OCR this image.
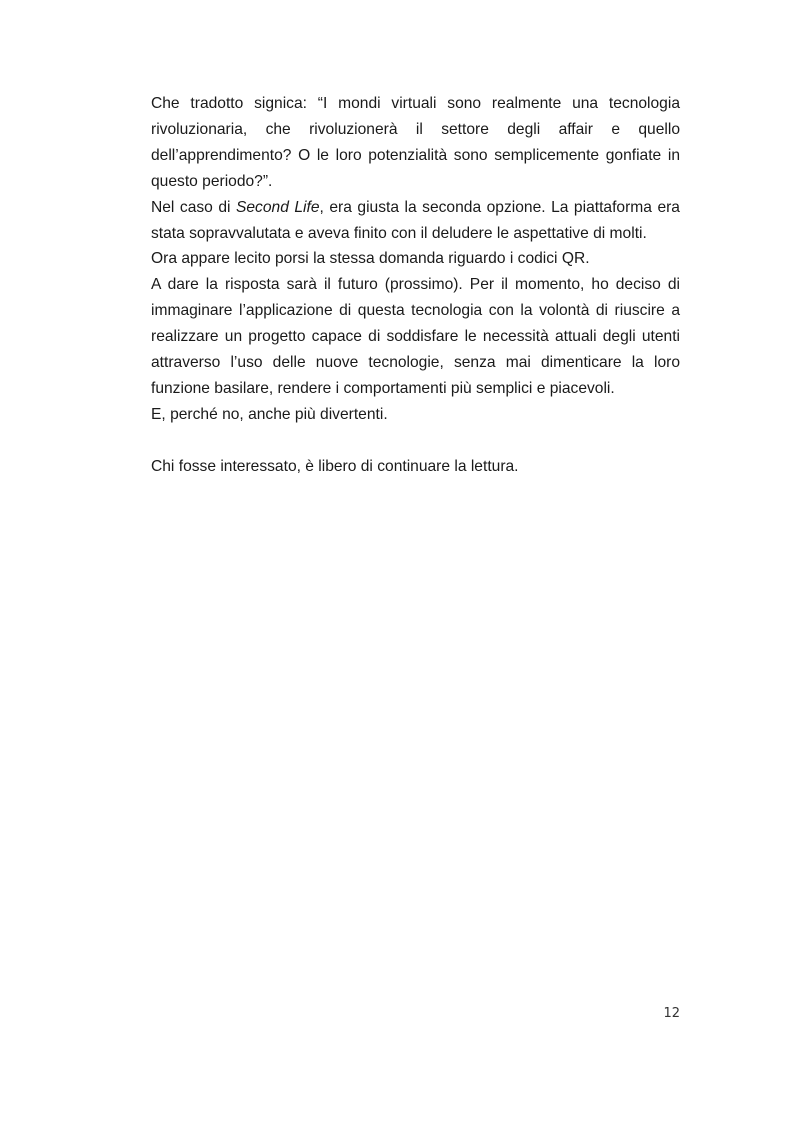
Che tradotto signica: “I mondi virtuali sono realmente una tecnologia rivoluzionaria, che rivoluzionerà il settore degli affair e quello dell’apprendimento? O le loro potenzialità sono semplicemente gonfiate in questo periodo?”.

Nel caso di Second Life, era giusta la seconda opzione. La piattaforma era stata sopravvalutata e aveva finito con il deludere le aspettative di molti.

Ora appare lecito porsi la stessa domanda riguardo i codici QR.

A dare la risposta sarà il futuro (prossimo). Per il momento, ho deciso di immaginare l’applicazione di questa tecnologia con la volontà di riuscire a realizzare un progetto capace di soddisfare le necessità attuali degli utenti attraverso l’uso delle nuove tecnologie, senza mai dimenticare la loro funzione basilare, rendere i comportamenti più semplici e piacevoli.

E, perché no, anche più divertenti.

Chi fosse interessato, è libero di continuare la lettura.

12
